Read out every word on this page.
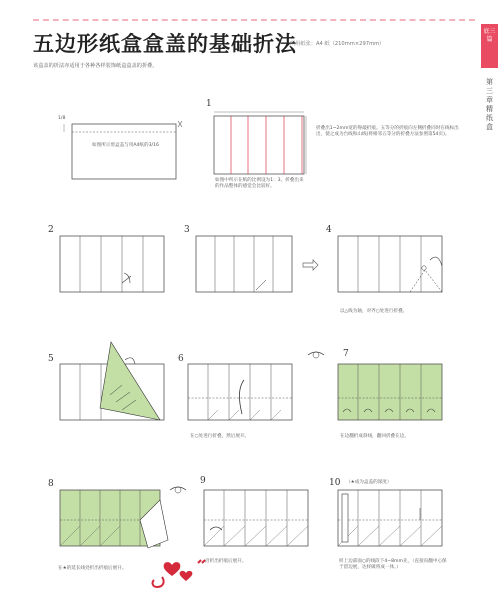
五边形纸盒盒盖的基础折法
所用纸张：A4 纸（210mm×297mm）
该盒盖的折法亦适用于各种各样装饰纸盒盒盖的折叠。
底三篇
第三章 精纸盒
1/8
如图所示剪盒盖与用A4纸的3/16
1
如图中所示在纸的比例设为1：3。折叠出来的作品整体的感觉会比较好。
折叠出1~2mm宽的脊敲折痕。五等分的折痕向左侧折叠同时在线标出出，使之成为台线和山线(将相邻五等分的折叠方法参照第54页)。
2	3	4
以△线为轴，对齐○处进行折叠。
5	6
在○处进行折叠，然后展开。
7
在边翻折成斜线，翻回折叠在边。
8
在★的延长线处折出折痕后展开。
9
沿折出折痕后展开。
10 （★成为盒盖的深度）
样上边部面○的线段下4~8mm先，（直接向翻中心保于留边展，达样做将成一体。）
